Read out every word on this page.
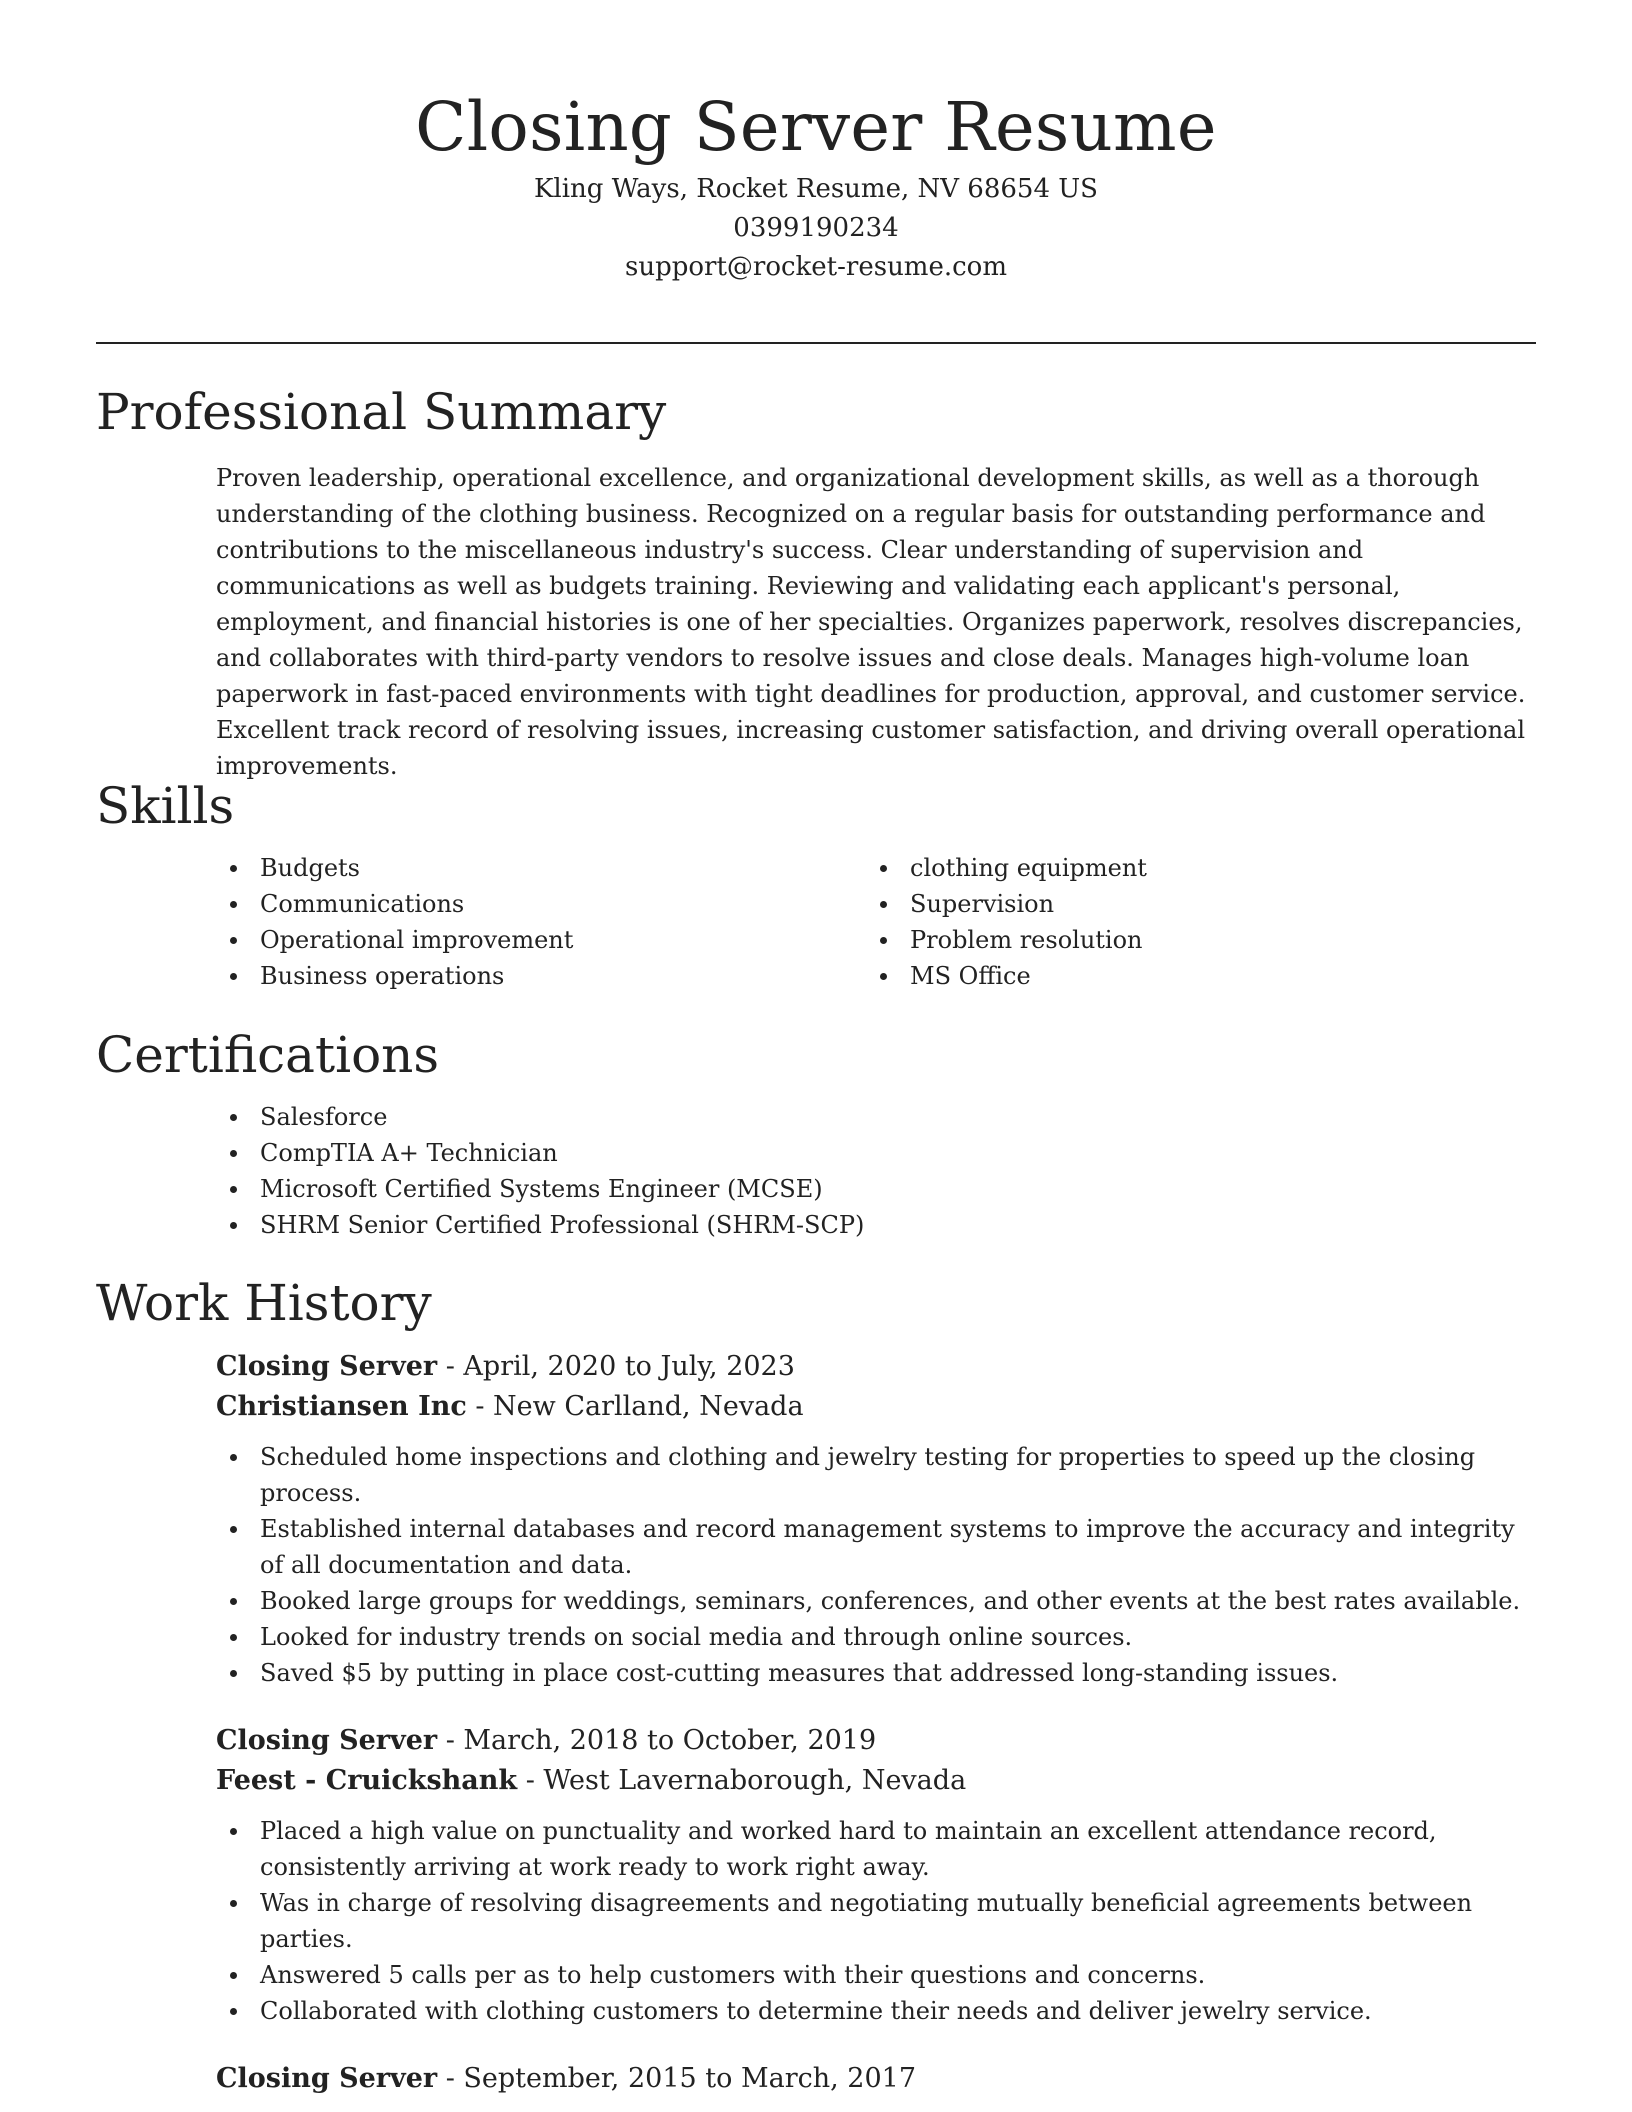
Closing Server Resume
Kling Ways, Rocket Resume, NV 68654 US
0399190234
support@rocket-resume.com
Professional Summary

Proven leadership, operational excellence, and organizational development skills, as well as a thorough understanding of the clothing business. Recognized on a regular basis for outstanding performance and contributions to the miscellaneous industry's success. Clear understanding of supervision and communications as well as budgets training. Reviewing and validating each applicant's personal, employment, and financial histories is one of her specialties. Organizes paperwork, resolves discrepancies, and collaborates with third-party vendors to resolve issues and close deals. Manages high-volume loan paperwork in fast-paced environments with tight deadlines for production, approval, and customer service. Excellent track record of resolving issues, increasing customer satisfaction, and driving overall operational improvements.

Skills
Budgets
Communications
Operational improvement
Business operations
clothing equipment
Supervision
Problem resolution
MS Office
Certifications
Salesforce
CompTIA A+ Technician
Microsoft Certified Systems Engineer (MCSE)
SHRM Senior Certified Professional (SHRM-SCP)
Work History
Closing Server - April, 2020 to July, 2023
Christiansen Inc - New Carlland, Nevada
Scheduled home inspections and clothing and jewelry testing for properties to speed up the closing process.
Established internal databases and record management systems to improve the accuracy and integrity of all documentation and data.
Booked large groups for weddings, seminars, conferences, and other events at the best rates available.
Looked for industry trends on social media and through online sources.
Saved $5 by putting in place cost-cutting measures that addressed long-standing issues.
Closing Server - March, 2018 to October, 2019
Feest - Cruickshank - West Lavernaborough, Nevada
Placed a high value on punctuality and worked hard to maintain an excellent attendance record, consistently arriving at work ready to work right away.
Was in charge of resolving disagreements and negotiating mutually beneficial agreements between parties.
Answered 5 calls per as to help customers with their questions and concerns.
Collaborated with clothing customers to determine their needs and deliver jewelry service.
Closing Server - September, 2015 to March, 2017
